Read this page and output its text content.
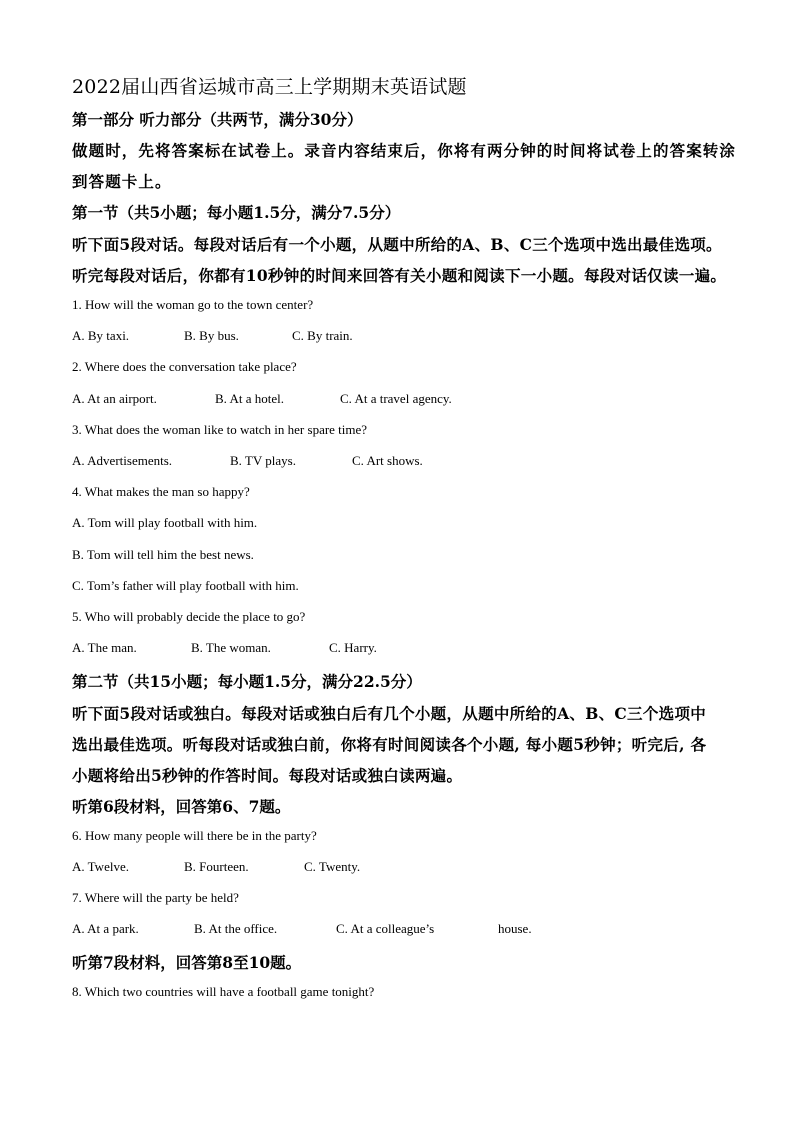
2022届山西省运城市高三上学期期末英语试题
第一部分 听力部分（共两节，满分30分）
做题时，先将答案标在试卷上。录音内容结束后，你将有两分钟的时间将试卷上的答案转涂
到答题卡上。
第一节（共5小题；每小题1.5分，满分7.5分）
听下面5段对话。每段对话后有一个小题，从题中所给的A、B、C三个选项中选出最佳选项。
听完每段对话后，你都有10秒钟的时间来回答有关小题和阅读下一小题。每段对话仅读一遍。
1. How will the woman go to the town center?
A. By taxi.	B. By bus.	C. By train.
2. Where does the conversation take place?
A. At an airport.	B. At a hotel.	C. At a travel agency.
3. What does the woman like to watch in her spare time?
A. Advertisements.	B. TV plays.	C. Art shows.
4. What makes the man so happy?
A. Tom will play football with him.
B. Tom will tell him the best news.
C. Tom’s father will play football with him.
5. Who will probably decide the place to go?
A. The man.	B. The woman.	C. Harry.
第二节（共15小题；每小题1.5分，满分22.5分）
听下面5段对话或独白。每段对话或独白后有几个小题，从题中所给的A、B、C三个选项中
选出最佳选项。听每段对话或独白前，你将有时间阅读各个小题, 每小题5秒钟；听完后, 各
小题将给出5秒钟的作答时间。每段对话或独白读两遍。
听第6段材料，回答第6、7题。
6. How many people will there be in the party?
A. Twelve.	B. Fourteen.	C. Twenty.
7. Where will the party be held?
A. At a park.	B. At the office.	C. At a colleague’s	house.
听第7段材料，回答第8至10题。
8. Which two countries will have a football game tonight?
